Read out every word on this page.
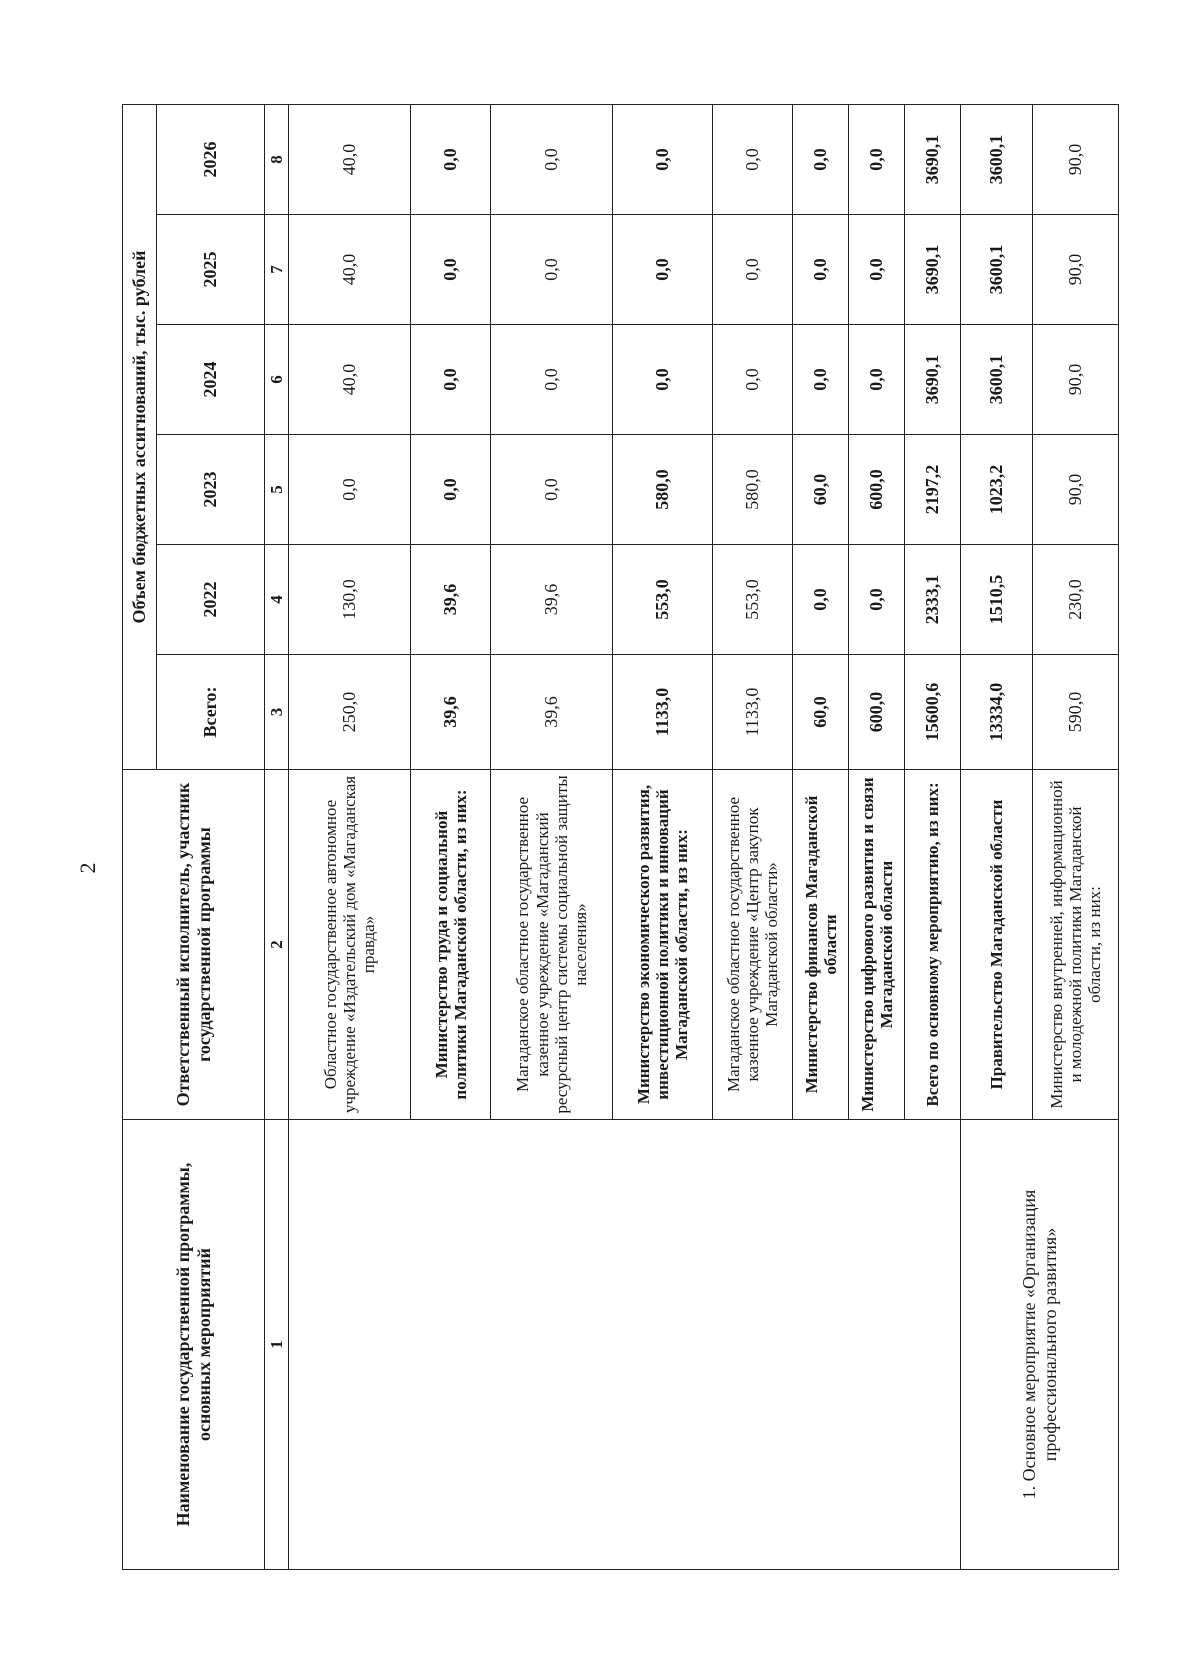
2
Наименование государственной программы, основных мероприятий	Ответственный исполнитель, участник государственной программы	Объем бюджетных ассигнований, тыс. рублей					
		Всего:	2022	2023	2024	2025	2026
1	2	3	4	5	6	7	8
	Областное государственное автономное учреждение «Издательский дом «Магаданская правда»	250,0	130,0	0,0	40,0	40,0	40,0
	Министерство труда и социальной политики Магаданской области, из них:	39,6	39,6	0,0	0,0	0,0	0,0
	Магаданское областное государственное казенное учреждение «Магаданский ресурсный центр системы социальной защиты населения»	39,6	39,6	0,0	0,0	0,0	0,0
	Министерство экономического развития, инвестиционной политики и инноваций Магаданской области, из них:	1133,0	553,0	580,0	0,0	0,0	0,0
	Магаданское областное государственное казенное учреждение «Центр закупок Магаданской области»	1133,0	553,0	580,0	0,0	0,0	0,0
	Министерство финансов Магаданской области	60,0	0,0	60,0	0,0	0,0	0,0
	Министерство цифрового развития и связи Магаданской области	600,0	0,0	600,0	0,0	0,0	0,0
	Всего по основному мероприятию, из них:	15600,6	2333,1	2197,2	3690,1	3690,1	3690,1
1. Основное мероприятие «Организация профессионального развития»	Правительство Магаданской области	13334,0	1510,5	1023,2	3600,1	3600,1	3600,1
	Министерство внутренней, информационной и молодежной политики Магаданской области, из них:	590,0	230,0	90,0	90,0	90,0	90,0
